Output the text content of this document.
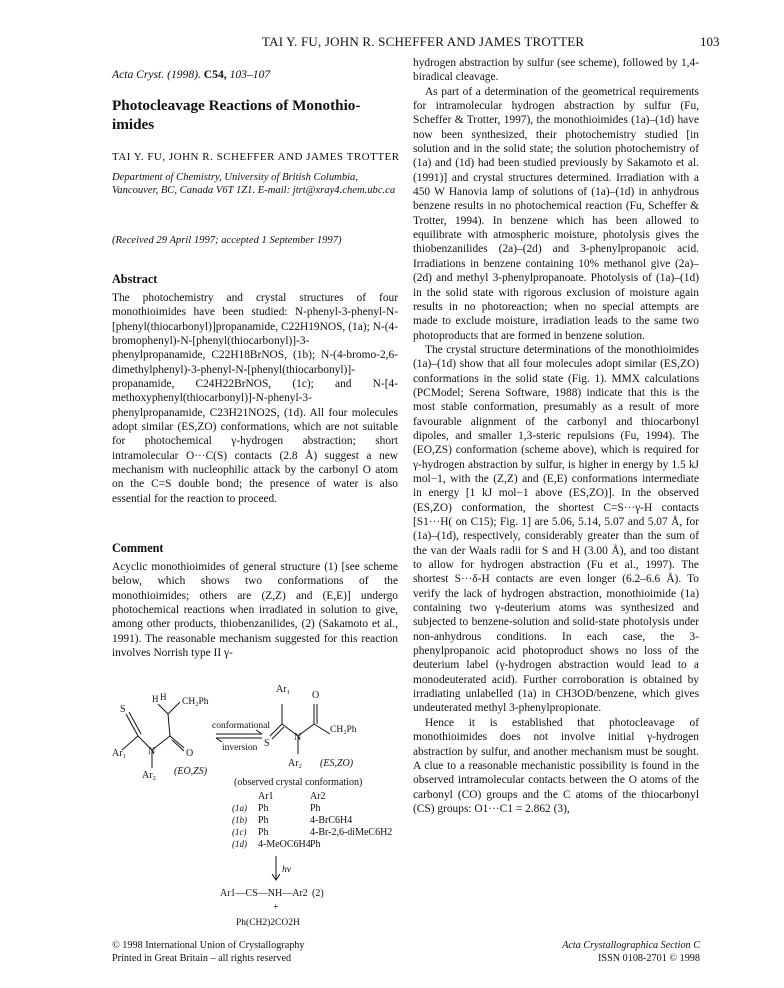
TAI Y. FU, JOHN R. SCHEFFER AND JAMES TROTTER	103
Acta Cryst. (1998). C54, 103–107
Photocleavage Reactions of Monothio-imides
TAI Y. FU, JOHN R. SCHEFFER AND JAMES TROTTER
Department of Chemistry, University of British Columbia, Vancouver, BC, Canada V6T 1Z1. E-mail: jtrt@xray4.chem.ubc.ca
(Received 29 April 1997; accepted 1 September 1997)
Abstract

The photochemistry and crystal structures of four monothioimides have been studied: N-phenyl-3-phenyl-N-[phenyl(thiocarbonyl)]propanamide, C22H19NOS, (1a); N-(4-bromophenyl)-N-[phenyl(thiocarbonyl)]-3-phenylpropanamide, C22H18BrNOS, (1b); N-(4-bromo-2,6-dimethylphenyl)-3-phenyl-N-[phenyl(thiocarbonyl)]-propanamide, C24H22BrNOS, (1c); and N-[4-methoxyphenyl(thiocarbonyl)]-N-phenyl-3-phenylpropanamide, C23H21NO2S, (1d). All four molecules adopt similar (ES,ZO) conformations, which are not suitable for photochemical γ-hydrogen abstraction; short intramolecular O···C(S) contacts (2.8 Å) suggest a new mechanism with nucleophilic attack by the carbonyl O atom on the C=S double bond; the presence of water is also essential for the reaction to proceed.

Comment

Acyclic monothioimides of general structure (1) [see scheme below, which shows two conformations of the monothioimides; others are (Z,Z) and (E,E)] undergo photochemical reactions when irradiated in solution to give, among other products, thiobenzanilides, (2) (Sakamoto et al., 1991). The reasonable mechanism suggested for this reaction involves Norrish type II γ-

S
H H CH₂Ph
Ar₁ N	O
Ar₂ (EO,ZS)
conformational
inversion
Ar₁
O
S
N
CH₂Ph
Ar₂ (ES,ZO)
(observed crystal conformation)
Ar1	Ar2
(1a) Ph	Ph
(1b) Ph	4-BrC6H4
(1c) Ph	4-Br-2,6-diMeC6H2
(1d) 4-MeOC6H4 Ph
hν
Ar1—CS—NH—Ar2 (2)
+
Ph(CH2)2CO2H

hydrogen abstraction by sulfur (see scheme), followed by 1,4-biradical cleavage.

As part of a determination of the geometrical requirements for intramolecular hydrogen abstraction by sulfur (Fu, Scheffer & Trotter, 1997), the monothioimides (1a)–(1d) have now been synthesized, their photochemistry studied [in solution and in the solid state; the solution photochemistry of (1a) and (1d) had been studied previously by Sakamoto et al. (1991)] and crystal structures determined. Irradiation with a 450 W Hanovia lamp of solutions of (1a)–(1d) in anhydrous benzene results in no photochemical reaction (Fu, Scheffer & Trotter, 1994). In benzene which has been allowed to equilibrate with atmospheric moisture, photolysis gives the thiobenzanilides (2a)–(2d) and 3-phenylpropanoic acid. Irradiations in benzene containing 10% methanol give (2a)–(2d) and methyl 3-phenylpropanoate. Photolysis of (1a)–(1d) in the solid state with rigorous exclusion of moisture again results in no photoreaction; when no special attempts are made to exclude moisture, irradiation leads to the same two photoproducts that are formed in benzene solution.

The crystal structure determinations of the monothioimides (1a)–(1d) show that all four molecules adopt similar (ES,ZO) conformations in the solid state (Fig. 1). MMX calculations (PCModel; Serena Software, 1988) indicate that this is the most stable conformation, presumably as a result of more favourable alignment of the carbonyl and thiocarbonyl dipoles, and smaller 1,3-steric repulsions (Fu, 1994). The (EO,ZS) conformation (scheme above), which is required for γ-hydrogen abstraction by sulfur, is higher in energy by 1.5 kJ mol−1, with the (Z,Z) and (E,E) conformations intermediate in energy [1 kJ mol−1 above (ES,ZO)]. In the observed (ES,ZO) conformation, the shortest C=S···γ-H contacts [S1···H( on C15); Fig. 1] are 5.06, 5.14, 5.07 and 5.07 Å, for (1a)–(1d), respectively, considerably greater than the sum of the van der Waals radii for S and H (3.00 Å), and too distant to allow for hydrogen abstraction (Fu et al., 1997). The shortest S···δ-H contacts are even longer (6.2–6.6 Å). To verify the lack of hydrogen abstraction, monothioimide (1a) containing two γ-deuterium atoms was synthesized and subjected to benzene-solution and solid-state photolysis under non-anhydrous conditions. In each case, the 3-phenylpropanoic acid photoproduct shows no loss of the deuterium label (γ-hydrogen abstraction would lead to a monodeuterated acid). Further corroboration is obtained by irradiating unlabelled (1a) in CH3OD/benzene, which gives undeuterated methyl 3-phenylpropionate.

Hence it is established that photocleavage of monothioimides does not involve initial γ-hydrogen abstraction by sulfur, and another mechanism must be sought. A clue to a reasonable mechanistic possibility is found in the observed intramolecular contacts between the O atoms of the carbonyl (CO) groups and the C atoms of the thiocarbonyl (CS) groups: O1···C1 = 2.862 (3),

© 1998 International Union of Crystallography
Printed in Great Britain – all rights reserved
Acta Crystallographica Section C
ISSN 0108-2701 © 1998
